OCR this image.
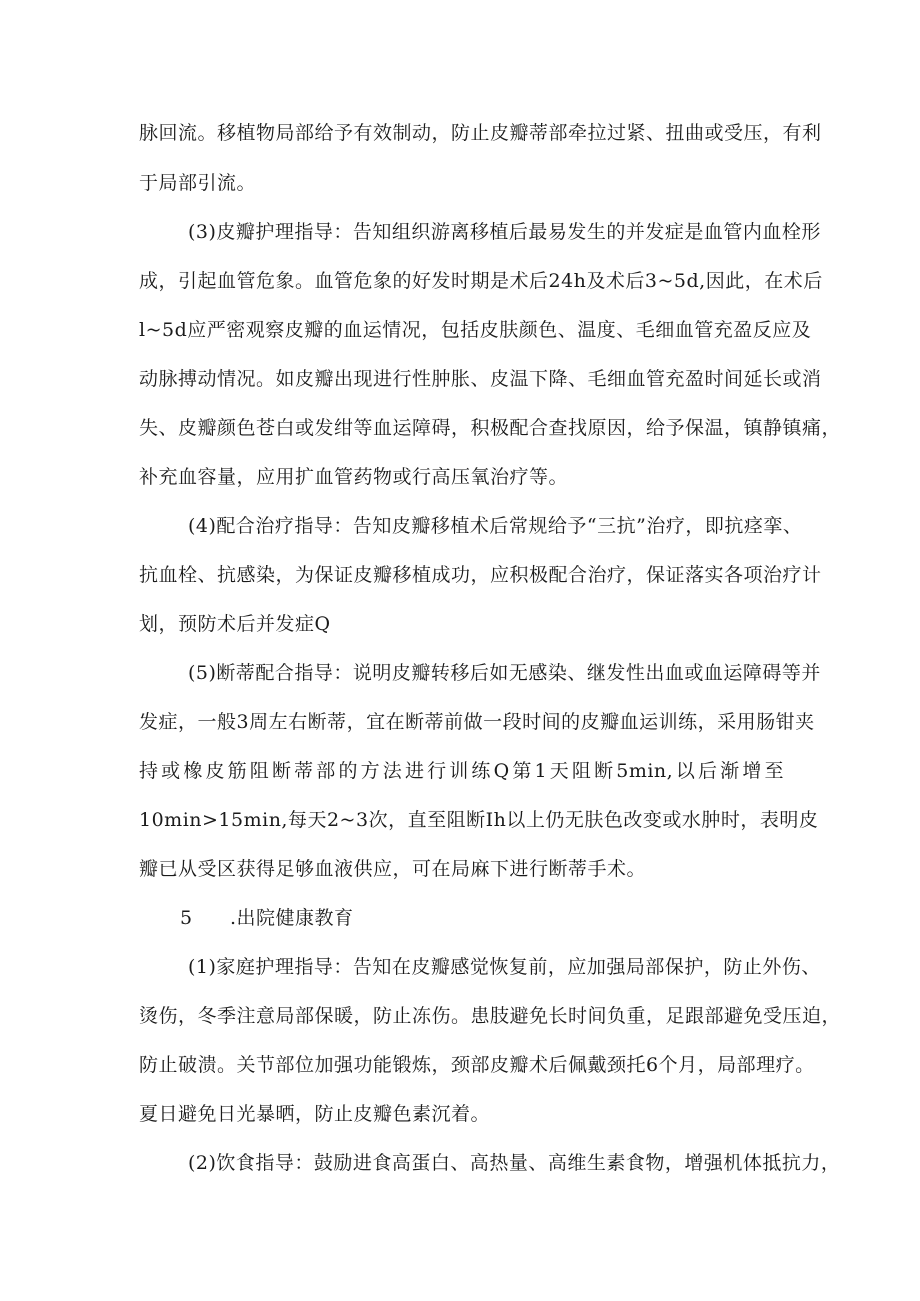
脉回流。移植物局部给予有效制动，防止皮瓣蒂部牵拉过紧、扭曲或受压，有利
于局部引流。
(3)皮瓣护理指导：告知组织游离移植后最易发生的并发症是血管内血栓形
成，引起血管危象。血管危象的好发时期是术后24h及术后3~5d,因此，在术后
l~5d应严密观察皮瓣的血运情况，包括皮肤颜色、温度、毛细血管充盈反应及
动脉搏动情况。如皮瓣出现进行性肿胀、皮温下降、毛细血管充盈时间延长或消
失、皮瓣颜色苍白或发绀等血运障碍，积极配合查找原因，给予保温，镇静镇痛，
补充血容量，应用扩血管药物或行高压氧治疗等。
(4)配合治疗指导：告知皮瓣移植术后常规给予“三抗”治疗，即抗痉挛、
抗血栓、抗感染，为保证皮瓣移植成功，应积极配合治疗，保证落实各项治疗计
划，预防术后并发症Q
(5)断蒂配合指导：说明皮瓣转移后如无感染、继发性出血或血运障碍等并
发症，一般3周左右断蒂，宜在断蒂前做一段时间的皮瓣血运训练，采用肠钳夹
持或橡皮筋阻断蒂部的方法进行训练Q第1天阻断5min,以后渐增至
10min>15min,每天2~3次，直至阻断Ih以上仍无肤色改变或水肿时，表明皮
瓣已从受区获得足够血液供应，可在局麻下进行断蒂手术。
5 .出院健康教育
(1)家庭护理指导：告知在皮瓣感觉恢复前，应加强局部保护，防止外伤、
烫伤，冬季注意局部保暖，防止冻伤。患肢避免长时间负重，足跟部避免受压迫，
防止破溃。关节部位加强功能锻炼，颈部皮瓣术后佩戴颈托6个月，局部理疗。
夏日避免日光暴晒，防止皮瓣色素沉着。
(2)饮食指导：鼓励进食高蛋白、高热量、高维生素食物，增强机体抵抗力，
